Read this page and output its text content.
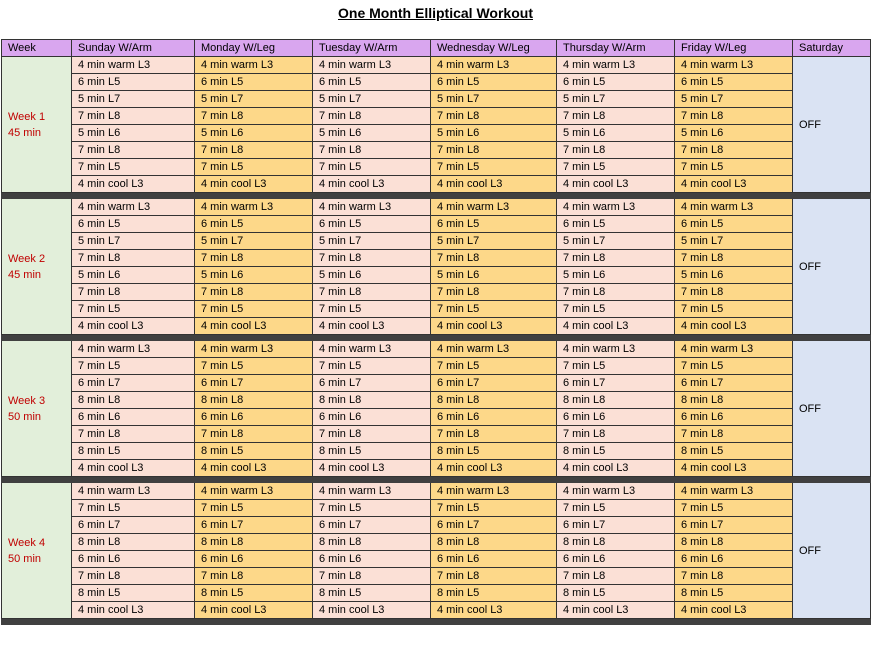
One Month Elliptical Workout
Week	Sunday W/Arm	Monday W/Leg	Tuesday W/Arm	Wednesday W/Leg	Thursday W/Arm	Friday W/Leg	Saturday

Week 1
45 min	4 min warm L3	4 min warm L3	4 min warm L3	4 min warm L3	4 min warm L3	4 min warm L3	OFF
	6 min L5	6 min L5	6 min L5	6 min L5	6 min L5	6 min L5	
	5 min L7	5 min L7	5 min L7	5 min L7	5 min L7	5 min L7	
	7 min L8	7 min L8	7 min L8	7 min L8	7 min L8	7 min L8	
	5 min L6	5 min L6	5 min L6	5 min L6	5 min L6	5 min L6	
	7 min L8	7 min L8	7 min L8	7 min L8	7 min L8	7 min L8	
	7 min L5	7 min L5	7 min L5	7 min L5	7 min L5	7 min L5	
	4 min cool L3	4 min cool L3	4 min cool L3	4 min cool L3	4 min cool L3	4 min cool L3	

Week 2
45 min	4 min warm L3	4 min warm L3	4 min warm L3	4 min warm L3	4 min warm L3	4 min warm L3	OFF
	6 min L5	6 min L5	6 min L5	6 min L5	6 min L5	6 min L5	
	5 min L7	5 min L7	5 min L7	5 min L7	5 min L7	5 min L7	
	7 min L8	7 min L8	7 min L8	7 min L8	7 min L8	7 min L8	
	5 min L6	5 min L6	5 min L6	5 min L6	5 min L6	5 min L6	
	7 min L8	7 min L8	7 min L8	7 min L8	7 min L8	7 min L8	
	7 min L5	7 min L5	7 min L5	7 min L5	7 min L5	7 min L5	
	4 min cool L3	4 min cool L3	4 min cool L3	4 min cool L3	4 min cool L3	4 min cool L3	

Week 3
50 min	4 min warm L3	4 min warm L3	4 min warm L3	4 min warm L3	4 min warm L3	4 min warm L3	OFF
	7 min L5	7 min L5	7 min L5	7 min L5	7 min L5	7 min L5	
	6 min L7	6 min L7	6 min L7	6 min L7	6 min L7	6 min L7	
	8 min L8	8 min L8	8 min L8	8 min L8	8 min L8	8 min L8	
	6 min L6	6 min L6	6 min L6	6 min L6	6 min L6	6 min L6	
	7 min L8	7 min L8	7 min L8	7 min L8	7 min L8	7 min L8	
	8 min L5	8 min L5	8 min L5	8 min L5	8 min L5	8 min L5	
	4 min cool L3	4 min cool L3	4 min cool L3	4 min cool L3	4 min cool L3	4 min cool L3	

Week 4
50 min	4 min warm L3	4 min warm L3	4 min warm L3	4 min warm L3	4 min warm L3	4 min warm L3	OFF
	7 min L5	7 min L5	7 min L5	7 min L5	7 min L5	7 min L5	
	6 min L7	6 min L7	6 min L7	6 min L7	6 min L7	6 min L7	
	8 min L8	8 min L8	8 min L8	8 min L8	8 min L8	8 min L8	
	6 min L6	6 min L6	6 min L6	6 min L6	6 min L6	6 min L6	
	7 min L8	7 min L8	7 min L8	7 min L8	7 min L8	7 min L8	
	8 min L5	8 min L5	8 min L5	8 min L5	8 min L5	8 min L5	
	4 min cool L3	4 min cool L3	4 min cool L3	4 min cool L3	4 min cool L3	4 min cool L3	
